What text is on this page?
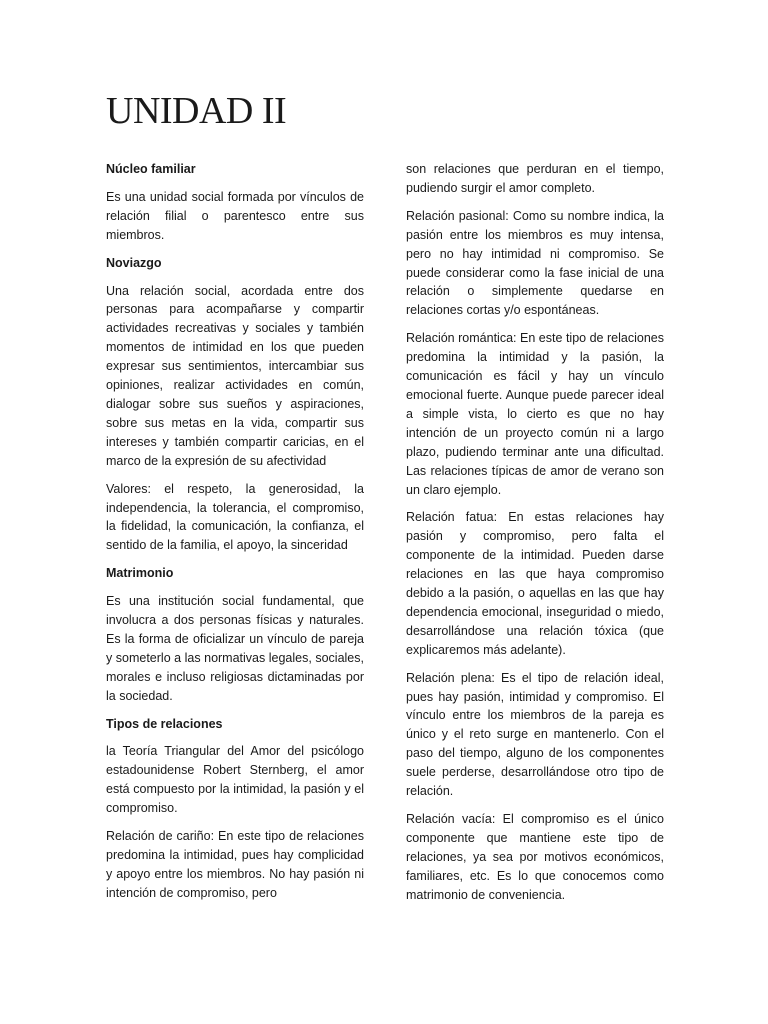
UNIDAD II

Núcleo familiar

Es una unidad social formada por vínculos de relación filial o parentesco entre sus miembros.

Noviazgo

Una relación social, acordada entre dos personas para acompañarse y compartir actividades recreativas y sociales y también momentos de intimidad en los que pueden expresar sus sentimientos, intercambiar sus opiniones, realizar actividades en común, dialogar sobre sus sueños y aspiraciones, sobre sus metas en la vida, compartir sus intereses y también compartir caricias, en el marco de la expresión de su afectividad

Valores: el respeto, la generosidad, la independencia, la tolerancia, el compromiso, la fidelidad, la comunicación, la confianza, el sentido de la familia, el apoyo, la sinceridad

Matrimonio

Es una institución social fundamental, que involucra a dos personas físicas y naturales. Es la forma de oficializar un vínculo de pareja y someterlo a las normativas legales, sociales, morales e incluso religiosas dictaminadas por la sociedad.

Tipos de relaciones

la Teoría Triangular del Amor del psicólogo estadounidense Robert Sternberg, el amor está compuesto por la intimidad, la pasión y el compromiso.

Relación de cariño: En este tipo de relaciones predomina la intimidad, pues hay complicidad y apoyo entre los miembros. No hay pasión ni intención de compromiso, pero

son relaciones que perduran en el tiempo, pudiendo surgir el amor completo.

Relación pasional: Como su nombre indica, la pasión entre los miembros es muy intensa, pero no hay intimidad ni compromiso. Se puede considerar como la fase inicial de una relación o simplemente quedarse en relaciones cortas y/o espontáneas.

Relación romántica: En este tipo de relaciones predomina la intimidad y la pasión, la comunicación es fácil y hay un vínculo emocional fuerte. Aunque puede parecer ideal a simple vista, lo cierto es que no hay intención de un proyecto común ni a largo plazo, pudiendo terminar ante una dificultad. Las relaciones típicas de amor de verano son un claro ejemplo.

Relación fatua: En estas relaciones hay pasión y compromiso, pero falta el componente de la intimidad. Pueden darse relaciones en las que haya compromiso debido a la pasión, o aquellas en las que hay dependencia emocional, inseguridad o miedo, desarrollándose una relación tóxica (que explicaremos más adelante).

Relación plena: Es el tipo de relación ideal, pues hay pasión, intimidad y compromiso. El vínculo entre los miembros de la pareja es único y el reto surge en mantenerlo. Con el paso del tiempo, alguno de los componentes suele perderse, desarrollándose otro tipo de relación.

Relación vacía: El compromiso es el único componente que mantiene este tipo de relaciones, ya sea por motivos económicos, familiares, etc. Es lo que conocemos como matrimonio de conveniencia.
